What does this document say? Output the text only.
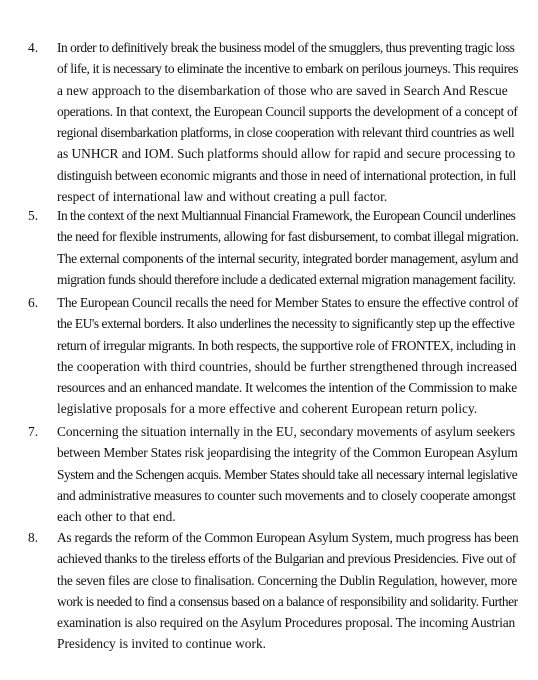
4. In order to definitively break the business model of the smugglers, thus preventing tragic loss
of life, it is necessary to eliminate the incentive to embark on perilous journeys. This requires
a new approach to the disembarkation of those who are saved in Search And Rescue
operations. In that context, the European Council supports the development of a concept of
regional disembarkation platforms, in close cooperation with relevant third countries as well
as UNHCR and IOM. Such platforms should allow for rapid and secure processing to
distinguish between economic migrants and those in need of international protection, in full
respect of international law and without creating a pull factor.
5. In the context of the next Multiannual Financial Framework, the European Council underlines
the need for flexible instruments, allowing for fast disbursement, to combat illegal migration.
The external components of the internal security, integrated border management, asylum and
migration funds should therefore include a dedicated external migration management facility.
6. The European Council recalls the need for Member States to ensure the effective control of
the EU's external borders. It also underlines the necessity to significantly step up the effective
return of irregular migrants. In both respects, the supportive role of FRONTEX, including in
the cooperation with third countries, should be further strengthened through increased
resources and an enhanced mandate. It welcomes the intention of the Commission to make
legislative proposals for a more effective and coherent European return policy.
7. Concerning the situation internally in the EU, secondary movements of asylum seekers
between Member States risk jeopardising the integrity of the Common European Asylum
System and the Schengen acquis. Member States should take all necessary internal legislative
and administrative measures to counter such movements and to closely cooperate amongst
each other to that end.
8. As regards the reform of the Common European Asylum System, much progress has been
achieved thanks to the tireless efforts of the Bulgarian and previous Presidencies. Five out of
the seven files are close to finalisation. Concerning the Dublin Regulation, however, more
work is needed to find a consensus based on a balance of responsibility and solidarity. Further
examination is also required on the Asylum Procedures proposal. The incoming Austrian
Presidency is invited to continue work.
